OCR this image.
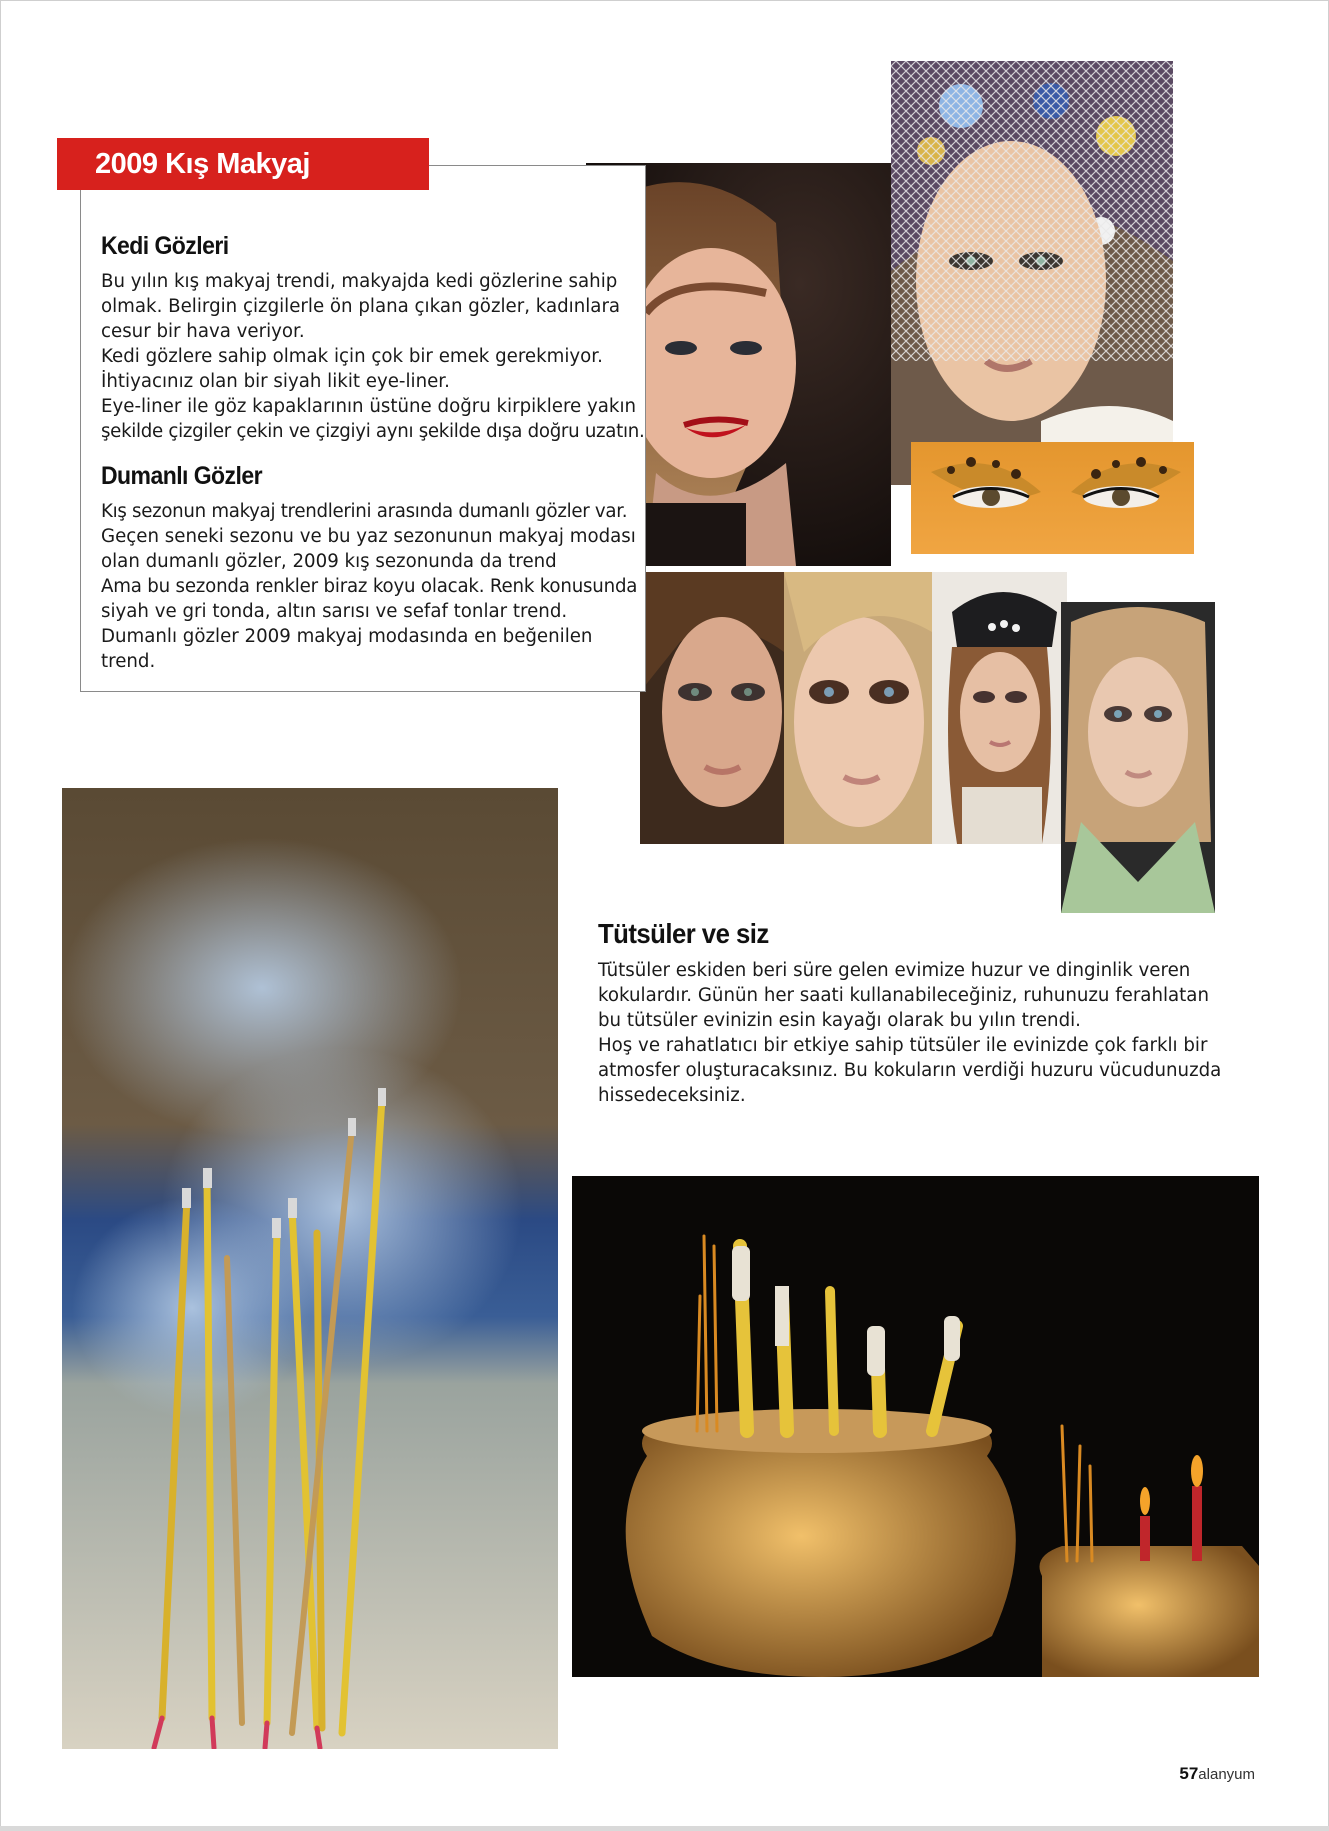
2009 Kış Makyaj Trendleri
Kedi Gözleri

Bu yılın kış makyaj trendi, makyajda kedi gözlerine sahip

olmak. Belirgin çizgilerle ön plana çıkan gözler, kadınlara

cesur bir hava veriyor.

Kedi gözlere sahip olmak için çok bir emek gerekmiyor.

İhtiyacınız olan bir siyah likit eye-liner.

Eye-liner ile göz kapaklarının üstüne doğru kirpiklere yakın

şekilde çizgiler çekin ve çizgiyi aynı şekilde dışa doğru uzatın.

Dumanlı Gözler

Kış sezonun makyaj trendlerini arasında dumanlı gözler var.

Geçen seneki sezonu ve bu yaz sezonunun makyaj modası

olan dumanlı gözler, 2009 kış sezonunda da trend

Ama bu sezonda renkler biraz koyu olacak. Renk konusunda

siyah ve gri tonda, altın sarısı ve sefaf tonlar trend.

Dumanlı gözler 2009 makyaj modasında en beğenilen

trend.

Tütsüler ve siz

Tütsüler eskiden beri süre gelen evimize huzur ve dinginlik veren

kokulardır. Günün her saati kullanabileceğiniz, ruhunuzu ferahlatan

bu tütsüler evinizin esin kayağı olarak bu yılın trendi.

Hoş ve rahatlatıcı bir etkiye sahip tütsüler ile evinizde çok farklı bir

atmosfer oluşturacaksınız. Bu kokuların verdiği huzuru vücudunuzda

hissedeceksiniz.

57alanyum
